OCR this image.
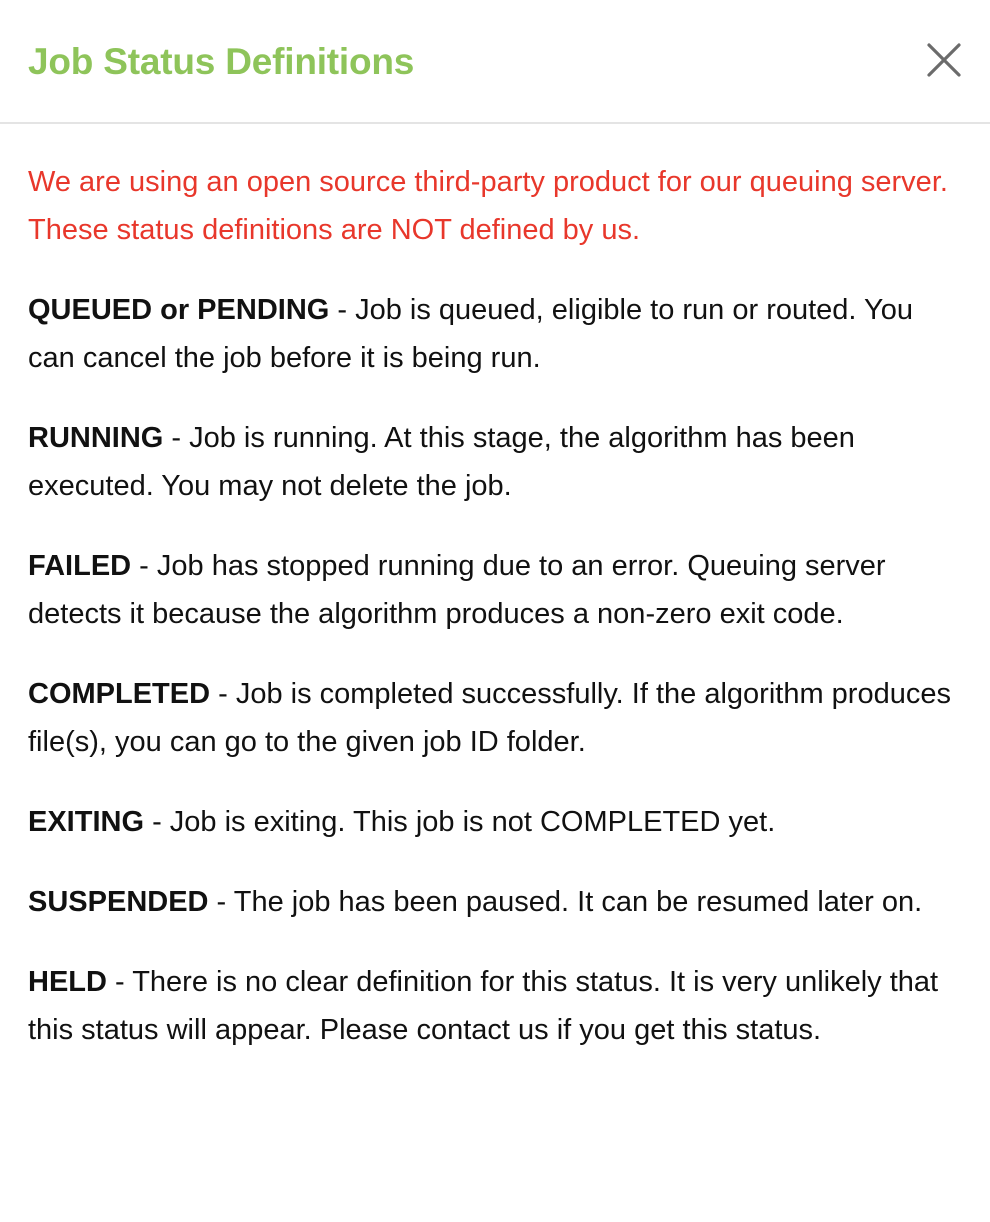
Job Status Definitions

We are using an open source third-party product for our queuing server. These status definitions are NOT defined by us.

QUEUED or PENDING - Job is queued, eligible to run or routed. You can cancel the job before it is being run.

RUNNING - Job is running. At this stage, the algorithm has been executed. You may not delete the job.

FAILED - Job has stopped running due to an error. Queuing server detects it because the algorithm produces a non-zero exit code.

COMPLETED - Job is completed successfully. If the algorithm produces file(s), you can go to the given job ID folder.

EXITING - Job is exiting. This job is not COMPLETED yet.

SUSPENDED - The job has been paused. It can be resumed later on.

HELD - There is no clear definition for this status. It is very unlikely that this status will appear. Please contact us if you get this status.
